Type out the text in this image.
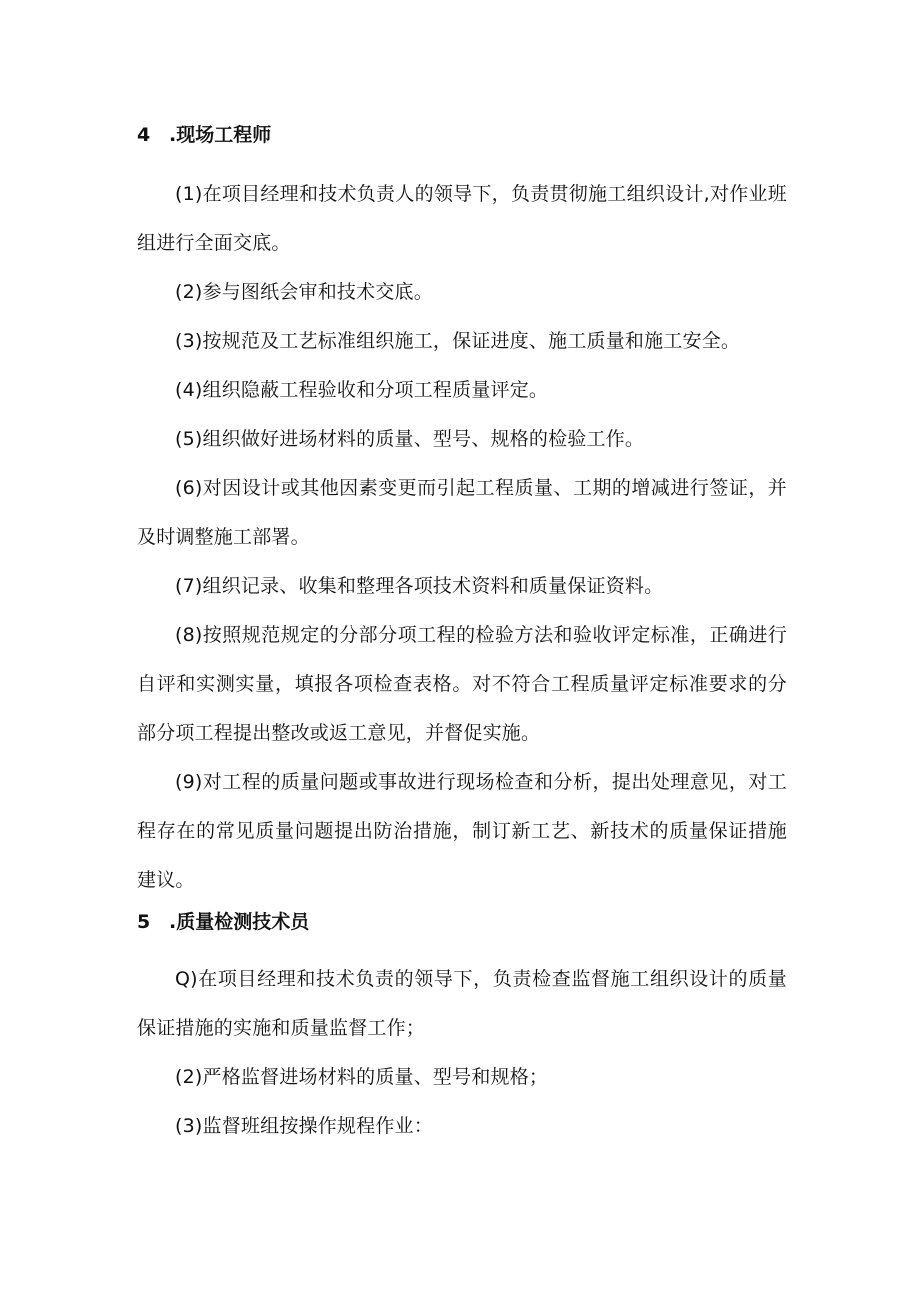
4 .现场工程师

(1)在项目经理和技术负责人的领导下，负责贯彻施工组织设计,对作业班组进行全面交底。

(2)参与图纸会审和技术交底。

(3)按规范及工艺标准组织施工，保证进度、施工质量和施工安全。

(4)组织隐蔽工程验收和分项工程质量评定。

(5)组织做好进场材料的质量、型号、规格的检验工作。

(6)对因设计或其他因素变更而引起工程质量、工期的增减进行签证，并及时调整施工部署。

(7)组织记录、收集和整理各项技术资料和质量保证资料。

(8)按照规范规定的分部分项工程的检验方法和验收评定标准，正确进行自评和实测实量，填报各项检查表格。对不符合工程质量评定标准要求的分部分项工程提出整改或返工意见，并督促实施。

(9)对工程的质量问题或事故进行现场检查和分析，提出处理意见，对工程存在的常见质量问题提出防治措施，制订新工艺、新技术的质量保证措施建议。

5 .质量检测技术员

Q)在项目经理和技术负责的领导下，负责检查监督施工组织设计的质量保证措施的实施和质量监督工作；

(2)严格监督进场材料的质量、型号和规格；

(3)监督班组按操作规程作业：
